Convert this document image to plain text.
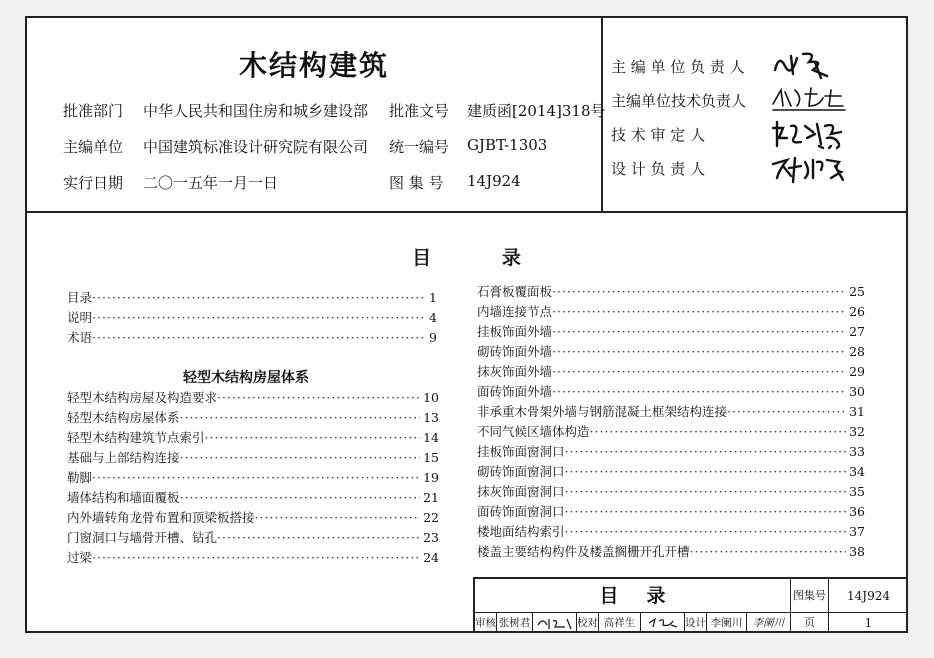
木结构建筑
批准部门 中华人民共和国住房和城乡建设部 批准文号 建质函[2014]318号
主编单位 中国建筑标准设计研究院有限公司 统一编号 GJBT-1303
实行日期 二〇一五年一月一日	图 集 号 14J924
主 编 单 位 负 责 人
主编单位技术负责人
技 术 审 定 人
设 计 负 责 人
目	录
目录 ·····	1
说明 ·····	4
术语 ·····	9
轻型木结构房屋体系
轻型木结构房屋及构造要求 ·····	10
轻型木结构房屋体系 ·····	13
轻型木结构建筑节点索引 ·····	14
基础与上部结构连接 ·····	15
勒脚 ·····	19
墙体结构和墙面覆板 ·····	21
内外墙转角龙骨布置和顶梁板搭接 ·····	22
门窗洞口与墙骨开槽、钻孔 ·····	23
过梁 ·····	24
石膏板覆面板 ·····	25
内墙连接节点 ·····	26
挂板饰面外墙 ·····	27
砌砖饰面外墙 ·····	28
抹灰饰面外墙 ·····	29
面砖饰面外墙 ·····	30
非承重木骨架外墙与钢筋混凝土框架结构连接 ·····	31
不同气候区墙体构造 ·····	32
挂板饰面窗洞口 ·····	33
砌砖饰面窗洞口 ·····	34
抹灰饰面窗洞口 ·····	35
面砖饰面窗洞口 ·····	36
楼地面结构索引 ·····	37
楼盖主要结构构件及楼盖搁栅开孔开槽 ·····	38
目 录	图集号	14J924
页	1
审核 张树君	校对 高祥生	设计 李阑川	李阑川
